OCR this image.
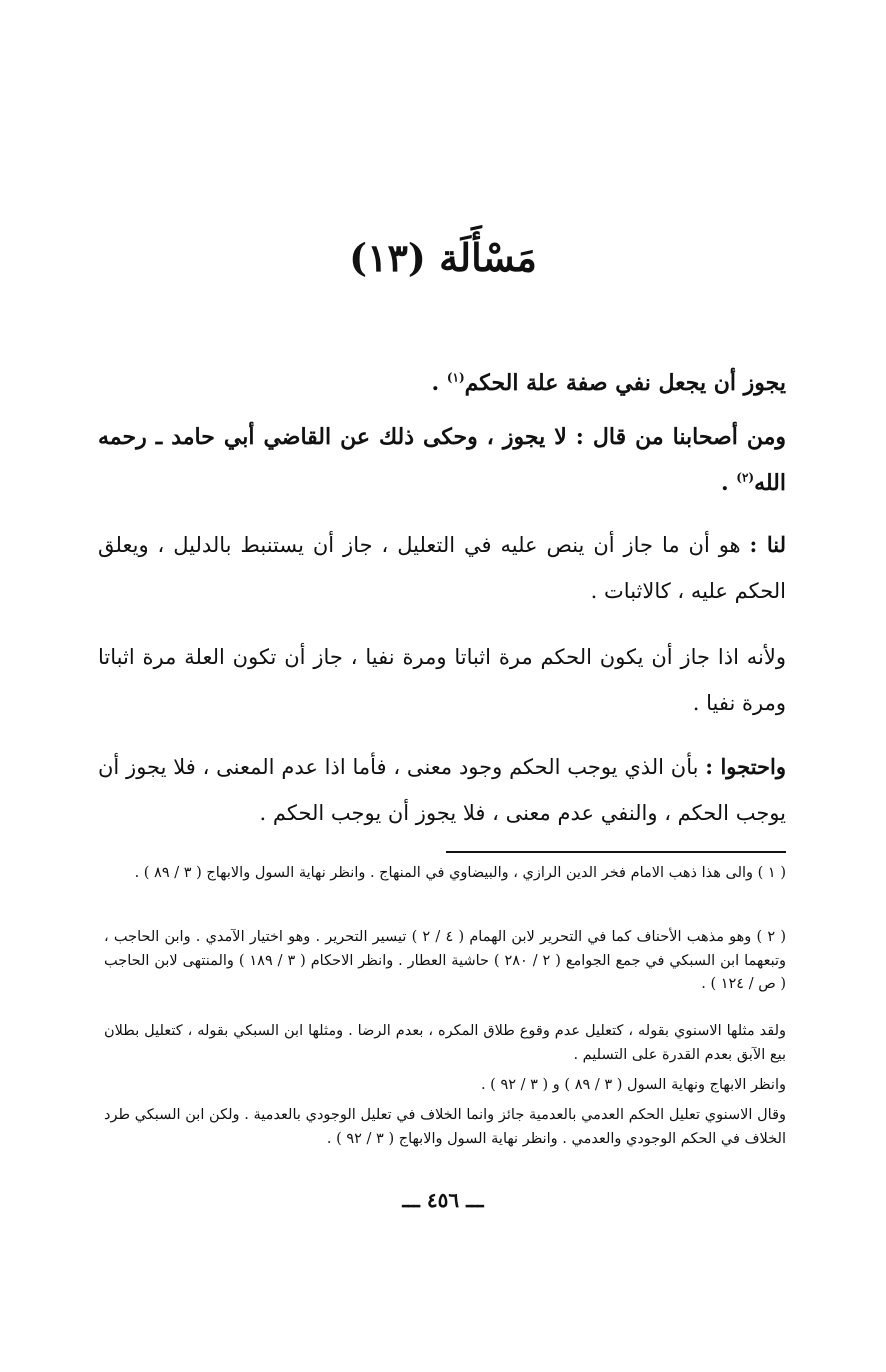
مَسْأَلَة (١٣)
يجوز أن يجعل نفي صفة علة الحكم$^{(١)}$ .
ومن أصحابنا من قال : لا يجوز ، وحكى ذلك عن القاضي أبي حامد ـ رحمه الله$^{(٢)}$ .
لنا : هو أن ما جاز أن ينص عليه في التعليل ، جاز أن يستنبط بالدليل ، ويعلق الحكم عليه ، كالاثبات .
ولأنه اذا جاز أن يكون الحكم مرة اثباتا ومرة نفيا ، جاز أن تكون العلة مرة اثباتا ومرة نفيا .
واحتجوا : بأن الذي يوجب الحكم وجود معنى ، فأما اذا عدم المعنى ، فلا يجوز أن يوجب الحكم ، والنفي عدم معنى ، فلا يجوز أن يوجب الحكم .
( ١ ) والى هذا ذهب الامام فخر الدين الرازي ، والبيضاوي في المنهاج . وانظر نهاية السول والابهاج ( ٣ / ٨٩ ) .
( ٢ ) وهو مذهب الأحناف كما في التحرير لابن الهمام ( ٤ / ٢ ) تيسير التحرير . وهو اختيار الآمدي . وابن الحاجب ، وتبعهما ابن السبكي في جمع الجوامع ( ٢ / ٢٨٠ ) حاشية العطار . وانظر الاحكام ( ٣ / ١٨٩ ) والمنتهى لابن الحاجب ( ص / ١٢٤ ) .
ولقد مثلها الاسنوي بقوله ، كتعليل عدم وقوع طلاق المكره ، بعدم الرضا . ومثلها ابن السبكي بقوله ، كتعليل بطلان بيع الآبق بعدم القدرة على التسليم .
وانظر الابهاج ونهاية السول ( ٣ / ٨٩ ) و ( ٣ / ٩٢ ) .
وقال الاسنوي تعليل الحكم العدمي بالعدمية جائز وانما الخلاف في تعليل الوجودي بالعدمية . ولكن ابن السبكي طرد الخلاف في الحكم الوجودي والعدمي . وانظر نهاية السول والابهاج ( ٣ / ٩٢ ) .
ـــ ٤٥٦ ـــ
